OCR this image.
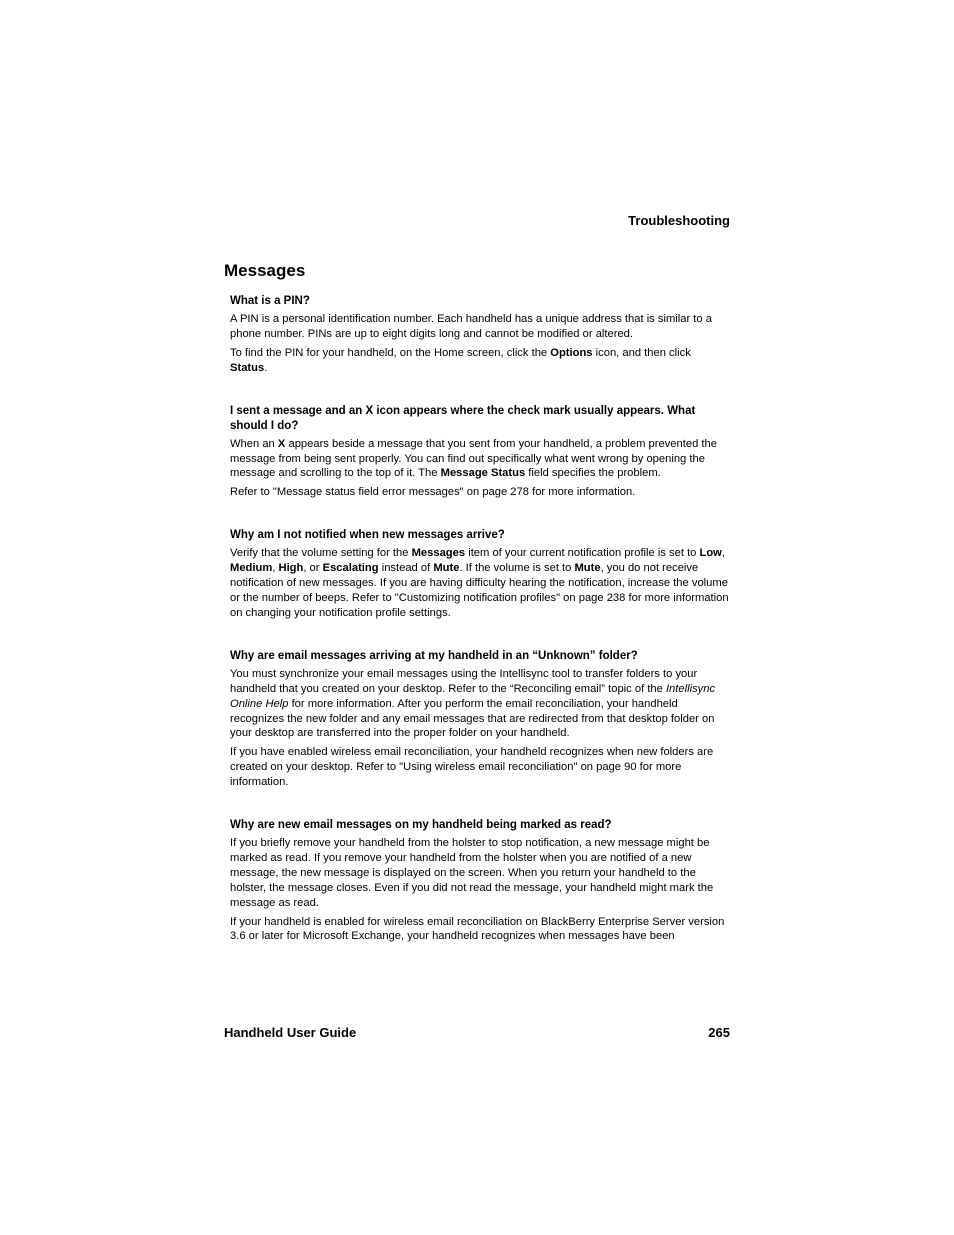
Troubleshooting
Messages
What is a PIN?

A PIN is a personal identification number. Each handheld has a unique address that is similar to a phone number. PINs are up to eight digits long and cannot be modified or altered.

To find the PIN for your handheld, on the Home screen, click the Options icon, and then click Status.

I sent a message and an X icon appears where the check mark usually appears. What should I do?

When an X appears beside a message that you sent from your handheld, a problem prevented the message from being sent properly. You can find out specifically what went wrong by opening the message and scrolling to the top of it. The Message Status field specifies the problem.

Refer to "Message status field error messages" on page 278 for more information.

Why am I not notified when new messages arrive?

Verify that the volume setting for the Messages item of your current notification profile is set to Low, Medium, High, or Escalating instead of Mute. If the volume is set to Mute, you do not receive notification of new messages. If you are having difficulty hearing the notification, increase the volume or the number of beeps. Refer to "Customizing notification profiles" on page 238 for more information on changing your notification profile settings.

Why are email messages arriving at my handheld in an “Unknown” folder?

You must synchronize your email messages using the Intellisync tool to transfer folders to your handheld that you created on your desktop. Refer to the “Reconciling email” topic of the Intellisync Online Help for more information. After you perform the email reconciliation, your handheld recognizes the new folder and any email messages that are redirected from that desktop folder on your desktop are transferred into the proper folder on your handheld.

If you have enabled wireless email reconciliation, your handheld recognizes when new folders are created on your desktop. Refer to "Using wireless email reconciliation" on page 90 for more information.

Why are new email messages on my handheld being marked as read?

If you briefly remove your handheld from the holster to stop notification, a new message might be marked as read. If you remove your handheld from the holster when you are notified of a new message, the new message is displayed on the screen. When you return your handheld to the holster, the message closes. Even if you did not read the message, your handheld might mark the message as read.

If your handheld is enabled for wireless email reconciliation on BlackBerry Enterprise Server version 3.6 or later for Microsoft Exchange, your handheld recognizes when messages have been

Handheld User Guide	265
